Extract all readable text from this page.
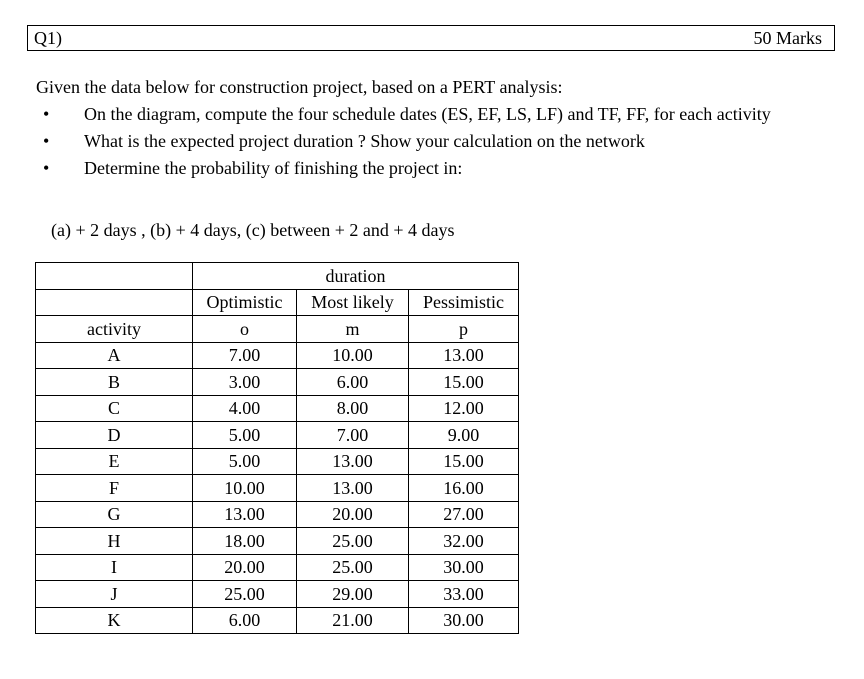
Q1)	50 Marks
Given the data below for construction project, based on a PERT analysis:
• On the diagram, compute the four schedule dates (ES, EF, LS, LF) and TF, FF, for each activity
• What is the expected project duration ? Show your calculation on the network
• Determine the probability of finishing the project in:
(a) + 2 days , (b) + 4 days, (c) between + 2 and + 4 days
	duration		
	Optimistic	Most likely	Pessimistic
activity	o	m	p
A	7.00	10.00	13.00
B	3.00	6.00	15.00
C	4.00	8.00	12.00
D	5.00	7.00	9.00
E	5.00	13.00	15.00
F	10.00	13.00	16.00
G	13.00	20.00	27.00
H	18.00	25.00	32.00
I	20.00	25.00	30.00
J	25.00	29.00	33.00
K	6.00	21.00	30.00
